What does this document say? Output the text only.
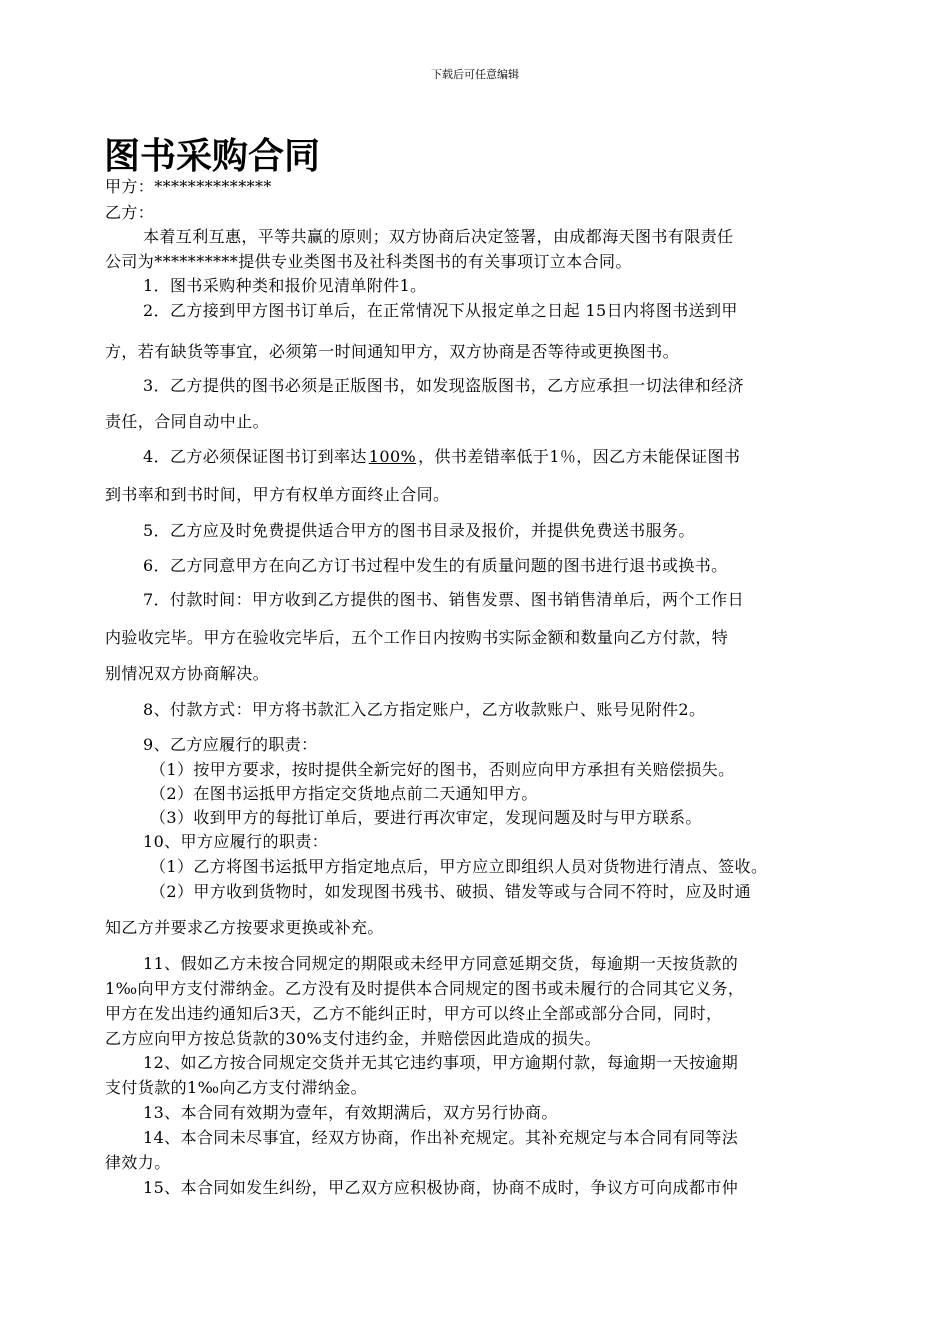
下载后可任意编辑
图书采购合同
甲方：**************
乙方：
本着互利互惠，平等共赢的原则；双方协商后决定签署，由成都海天图书有限责任
公司为**********提供专业类图书及社科类图书的有关事项订立本合同。
1．图书采购种类和报价见清单附件1。
2．乙方接到甲方图书订单后，在正常情况下从报定单之日起 15日内将图书送到甲
方，若有缺货等事宜，必须第一时间通知甲方，双方协商是否等待或更换图书。
3．乙方提供的图书必须是正版图书，如发现盗版图书，乙方应承担一切法律和经济
责任，合同自动中止。
4．乙方必须保证图书订到率达 100% ，供书差错率低于1％，因乙方未能保证图书
到书率和到书时间，甲方有权单方面终止合同。
5．乙方应及时免费提供适合甲方的图书目录及报价，并提供免费送书服务。
6．乙方同意甲方在向乙方订书过程中发生的有质量问题的图书进行退书或换书。
7．付款时间：甲方收到乙方提供的图书、销售发票、图书销售清单后，两个工作日
内验收完毕。甲方在验收完毕后，五个工作日内按购书实际金额和数量向乙方付款，特
别情况双方协商解决。
8、付款方式：甲方将书款汇入乙方指定账户，乙方收款账户、账号见附件2。
9、乙方应履行的职责：
（1）按甲方要求，按时提供全新完好的图书，否则应向甲方承担有关赔偿损失。
（2）在图书运抵甲方指定交货地点前二天通知甲方。
（3）收到甲方的每批订单后，要进行再次审定，发现问题及时与甲方联系。
10、甲方应履行的职责：
（1）乙方将图书运抵甲方指定地点后，甲方应立即组织人员对货物进行清点、签收。
（2）甲方收到货物时，如发现图书残书、破损、错发等或与合同不符时，应及时通
知乙方并要求乙方按要求更换或补充。
11、假如乙方未按合同规定的期限或未经甲方同意延期交货，每逾期一天按货款的
1‰向甲方支付滞纳金。乙方没有及时提供本合同规定的图书或未履行的合同其它义务，
甲方在发出违约通知后3天，乙方不能纠正时，甲方可以终止全部或部分合同，同时，
乙方应向甲方按总货款的30%支付违约金，并赔偿因此造成的损失。
12、如乙方按合同规定交货并无其它违约事项，甲方逾期付款，每逾期一天按逾期
支付货款的1‰向乙方支付滞纳金。
13、本合同有效期为壹年，有效期满后，双方另行协商。
14、本合同未尽事宜，经双方协商，作出补充规定。其补充规定与本合同有同等法
律效力。
15、本合同如发生纠纷，甲乙双方应积极协商，协商不成时，争议方可向成都市仲
